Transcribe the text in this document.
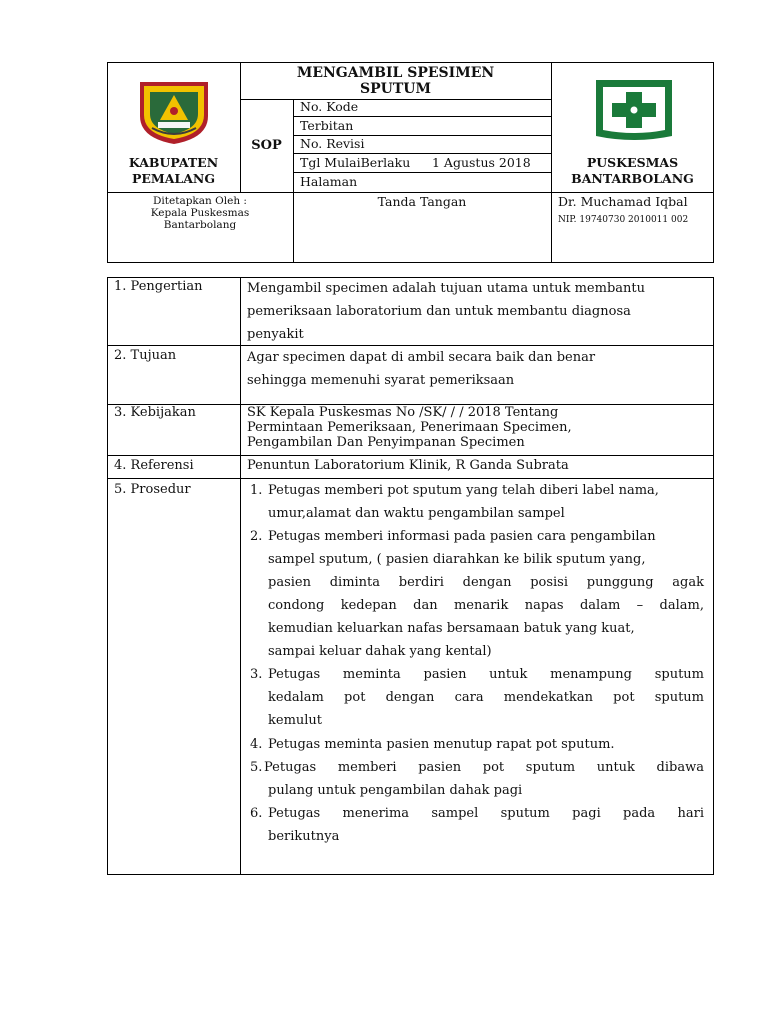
KABUPATEN
PEMALANG
MENGAMBIL SPESIMEN
SPUTUM
SOP
No. Kode
Terbitan
No. Revisi
Tgl MulaiBerlaku 1 Agustus 2018
Halaman
PUSKESMAS
BANTARBOLANG
Ditetapkan Oleh :
Kepala Puskesmas
Bantarbolang
Tanda Tangan	Dr. Muchamad Iqbal
NIP. 19740730 2010011 002
1. Pengertian
2. Tujuan
3. Kebijakan
4. Referensi
5. Prosedur
Mengambil specimen adalah tujuan utama untuk membantu
pemeriksaan laboratorium dan untuk membantu diagnosa
penyakit
Agar specimen dapat di ambil secara baik dan benar
sehingga memenuhi syarat pemeriksaan
SK Kepala Puskesmas No /SK/ / / 2018 Tentang
Permintaan Pemeriksaan, Penerimaan Specimen,
Pengambilan Dan Penyimpanan Specimen
Penuntun Laboratorium Klinik, R Ganda Subrata
1. Petugas memberi pot sputum yang telah diberi label nama,
umur,alamat dan waktu pengambilan sampel
2. Petugas memberi informasi pada pasien cara pengambilan
sampel sputum, ( pasien diarahkan ke bilik sputum yang,
pasien diminta berdiri dengan posisi punggung agak
condong kedepan dan menarik napas dalam – dalam,
kemudian keluarkan nafas bersamaan batuk yang kuat,
sampai keluar dahak yang kental)
3. Petugas meminta pasien untuk menampung sputum
kedalam pot dengan cara mendekatkan pot sputum
kemulut
4. Petugas meminta pasien menutup rapat pot sputum.
5. Petugas memberi pasien pot sputum untuk dibawa
pulang untuk pengambilan dahak pagi
6. Petugas menerima sampel sputum pagi pada hari
berikutnya
